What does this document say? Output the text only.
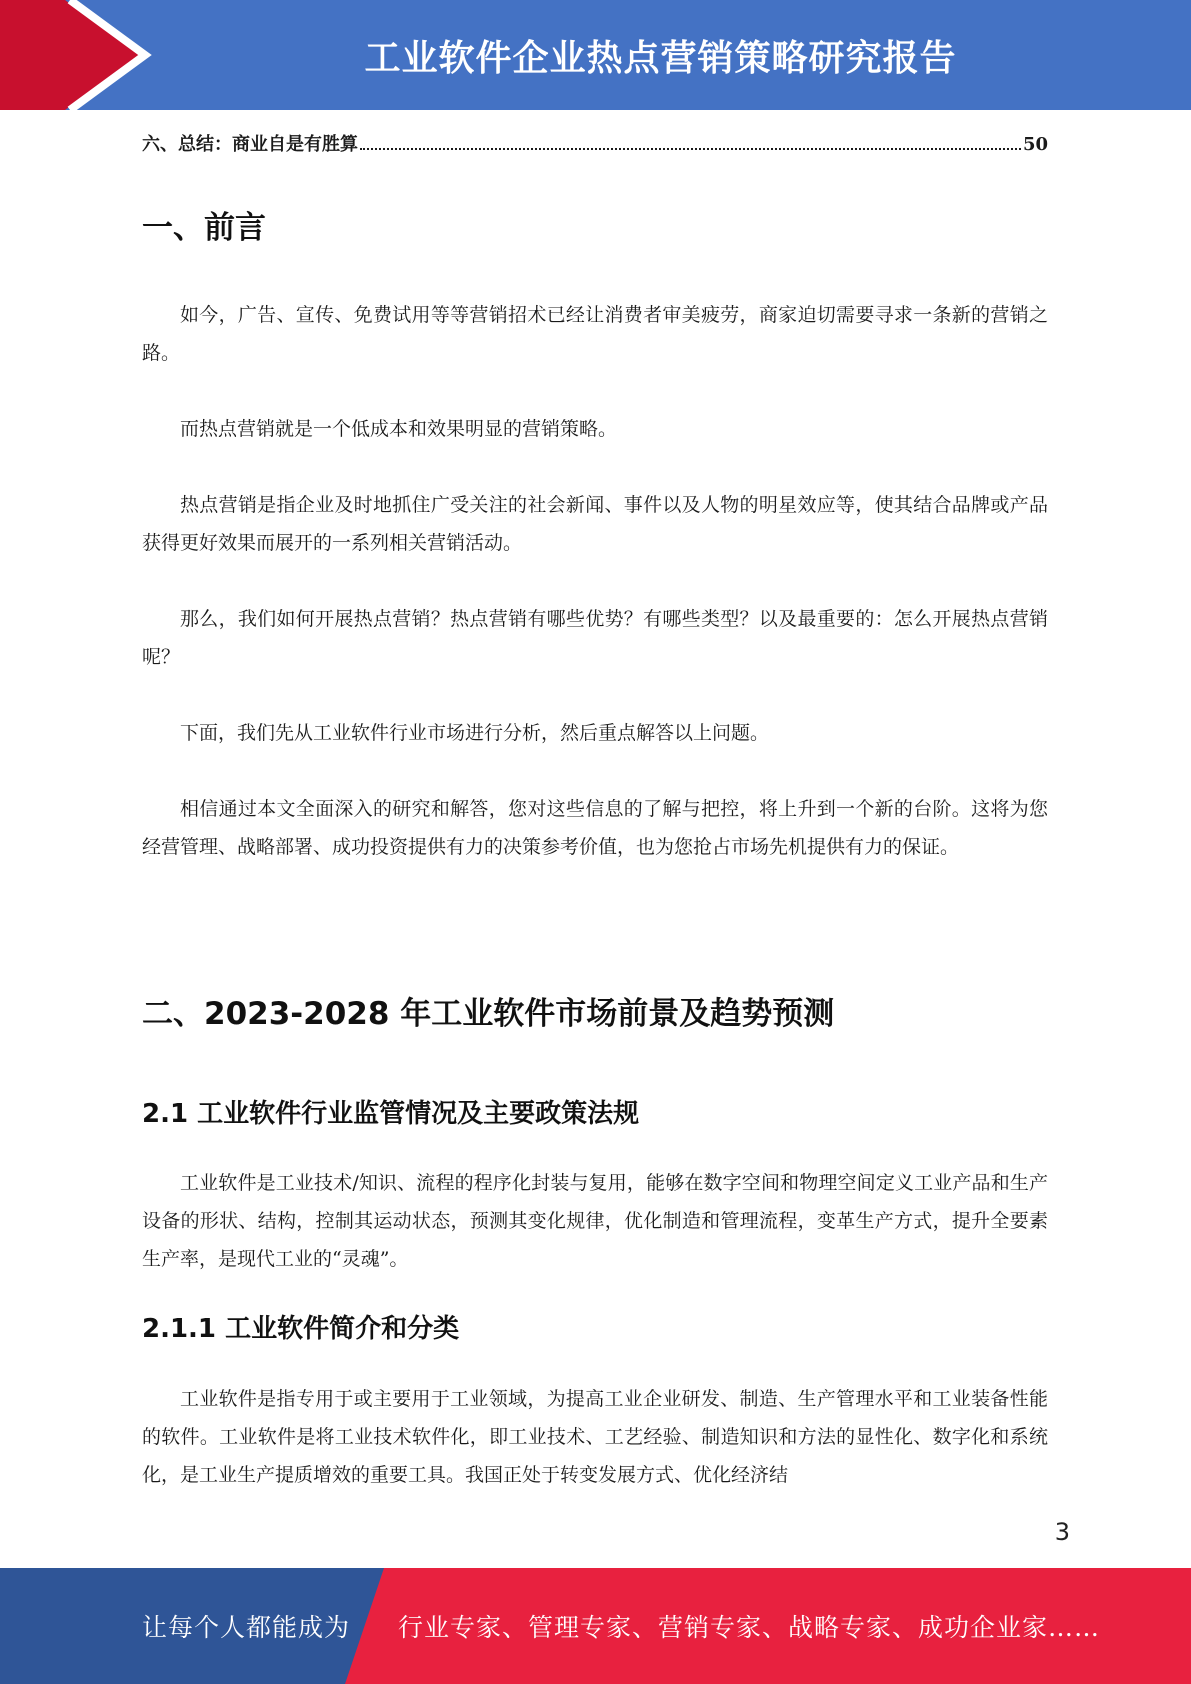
工业软件企业热点营销策略研究报告
六、总结：商业自是有胜算	50
一、前言
如今，广告、宣传、免费试用等等营销招术已经让消费者审美疲劳，商家迫切需要寻求一条新的营销之路。
而热点营销就是一个低成本和效果明显的营销策略。
热点营销是指企业及时地抓住广受关注的社会新闻、事件以及人物的明星效应等，使其结合品牌或产品获得更好效果而展开的一系列相关营销活动。
那么，我们如何开展热点营销？热点营销有哪些优势？有哪些类型？以及最重要的：怎么开展热点营销呢？
下面，我们先从工业软件行业市场进行分析，然后重点解答以上问题。
相信通过本文全面深入的研究和解答，您对这些信息的了解与把控，将上升到一个新的台阶。这将为您经营管理、战略部署、成功投资提供有力的决策参考价值，也为您抢占市场先机提供有力的保证。
二、2023-2028 年工业软件市场前景及趋势预测
2.1 工业软件行业监管情况及主要政策法规
工业软件是工业技术/知识、流程的程序化封装与复用，能够在数字空间和物理空间定义工业产品和生产设备的形状、结构，控制其运动状态，预测其变化规律，优化制造和管理流程，变革生产方式，提升全要素生产率，是现代工业的“灵魂”。
2.1.1 工业软件简介和分类
工业软件是指专用于或主要用于工业领域，为提高工业企业研发、制造、生产管理水平和工业装备性能的软件。工业软件是将工业技术软件化，即工业技术、工艺经验、制造知识和方法的显性化、数字化和系统化，是工业生产提质增效的重要工具。我国正处于转变发展方式、优化经济结
3
让每个人都能成为 行业专家、管理专家、营销专家、战略专家、成功企业家……
